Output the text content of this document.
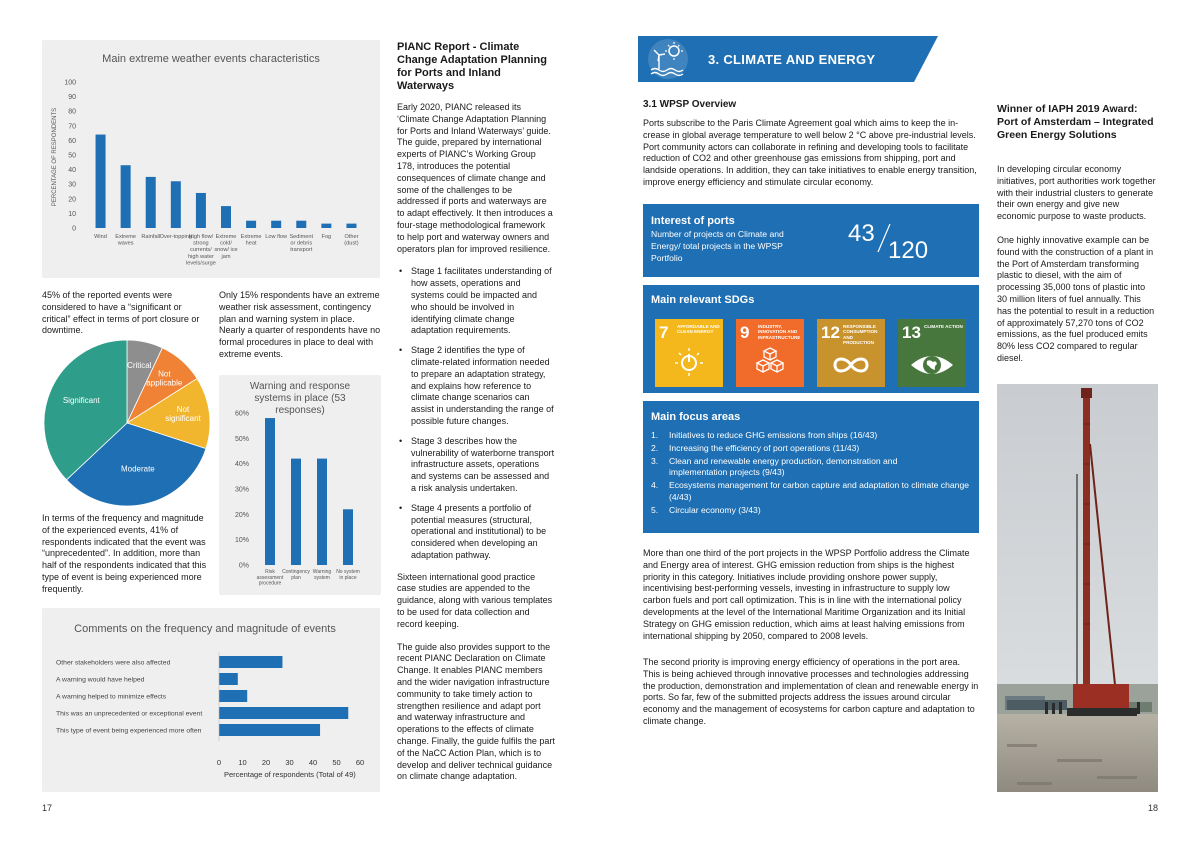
Main extreme weather events characteristics
PERCENTAGE OF RESPONDENTS
0
10
20
30
40
50
60
70
80
90
100
Wind Extreme waves
Rainfall Over-topping
High flow/ strong currents/ high water levels/surge
Extreme cold/ snow/ ice jam
Extreme heat
Low flow Sediment or debris transport
Fog Other (dust)
45% of the reported events were considered to have a “significant or critical” effect in terms of port closure or downtime.
Only 15% respondents have an extreme weather risk assessment, contingency plan and warning system in place. Nearly a quarter of respondents have no formal procedures in place to deal with extreme events.
Critical
Not applicable
Not significant
Moderate
Significant
In terms of the frequency and magnitude of the experienced events, 41% of respondents indicated that the event was “unprecedented”. In addition, more than half of the respondents indicated that this type of event is being experienced more frequently.
Warning and response systems in place (53 responses)
0%
10%
20%
30%
40%
50%
60%
Risk assessment procedure
Contingency plan
Warning system
No system in place
Comments on the frequency and magnitude of events
Other stakeholders were also affected
A warning would have helped
A warning helped to minimize effects
This was an unprecedented or exceptional event
This type of event being experienced more often
0 10 20 30 40 50 60
Percentage of respondents (Total of 49)
17
PIANC Report - Climate Change Adaptation Planning for Ports and Inland Waterways

Early 2020, PIANC released its ‘Climate Change Adaptation Planning for Ports and Inland Waterways’ guide. The guide, prepared by international experts of PIANC’s Working Group 178, introduces the potential consequences of climate change and some of the challenges to be addressed if ports and waterways are to adapt effectively. It then introduces a four-stage methodological framework to help port and waterway owners and operators plan for improved resilience.

• Stage 1 facilitates understanding of how assets, operations and systems could be impacted and who should be involved in identifying climate change adaptation requirements.
• Stage 2 identifies the type of climate-related information needed to prepare an adaptation strategy, and explains how reference to climate change scenarios can assist in understanding the range of possible future changes.
• Stage 3 describes how the vulnerability of waterborne transport infrastructure assets, operations and systems can be assessed and a risk analysis undertaken.
• Stage 4 presents a portfolio of potential measures (structural, operational and institutional) to be considered when developing an adaptation pathway.

Sixteen international good practice case studies are appended to the guidance, along with various templates to be used for data collection and record keeping.

The guide also provides support to the recent PIANC Declaration on Climate Change. It enables PIANC members and the wider navigation infrastructure community to take timely action to strengthen resilience and adapt port and waterway infrastructure and operations to the effects of climate change. Finally, the guide fulfils the part of the NaCC Action Plan, which is to develop and deliver technical guidance on climate change adaptation.

3. CLIMATE AND ENERGY
3.1 WPSP Overview
Ports subscribe to the Paris Climate Agreement goal which aims to keep the in-crease in global average temperature to well below 2 °C above pre-industrial levels. Port community actors can collaborate in refining and developing tools to facilitate reduction of CO2 and other greenhouse gas emissions from shipping, port and landside operations. In addition, they can take initiatives to enable energy transition, improve energy efficiency and stimulate circular economy.
Interest of ports
Number of projects on Climate and Energy/ total projects in the WPSP Portfolio
43
120
Main relevant SDGs
7 AFFORDABLE AND CLEAN ENERGY	9 INDUSTRY, INNOVATION AND INFRASTRUCTURE 12 RESPONSIBLE CONSUMPTION AND PRODUCTION
13 CLIMATE ACTION
Main focus areas
1.	Initiatives to reduce GHG emissions from ships (16/43)
2.	Increasing the efficiency of port operations (11/43)
3.	Clean and renewable energy production, demonstration and implementation projects (9/43)
4.	Ecosystems management for carbon capture and adaptation to climate change (4/43)
5.	Circular economy (3/43)
More than one third of the port projects in the WPSP Portfolio address the Climate and Energy area of interest. GHG emission reduction from ships is the highest priority in this category. Initiatives include providing onshore power supply, incentivising best-performing vessels, investing in infrastructure to supply low carbon fuels and port call optimization. This is in line with the international policy developments at the level of the International Maritime Organization and its Initial Strategy on GHG emission reduction, which aims at least halving emissions from international shipping by 2050, compared to 2008 levels.
The second priority is improving energy efficiency of operations in the port area. This is being achieved through innovative processes and technologies addressing the production, demonstration and implementation of clean and renewable energy in ports. So far, few of the submitted projects address the issues around circular economy and the management of ecosystems for carbon capture and adaptation to climate change.
Winner of IAPH 2019 Award: Port of Amsterdam – Integrated Green Energy Solutions
In developing circular economy initiatives, port authorities work together with their industrial clusters to generate their own energy and give new economic purpose to waste products.
One highly innovative example can be found with the construction of a plant in the Port of Amsterdam transforming plastic to diesel, with the aim of processing 35,000 tons of plastic into 30 million liters of fuel annually. This has the potential to result in a reduction of approximately 57,270 tons of CO2 emissions, as the fuel produced emits 80% less CO2 compared to regular diesel.
18
